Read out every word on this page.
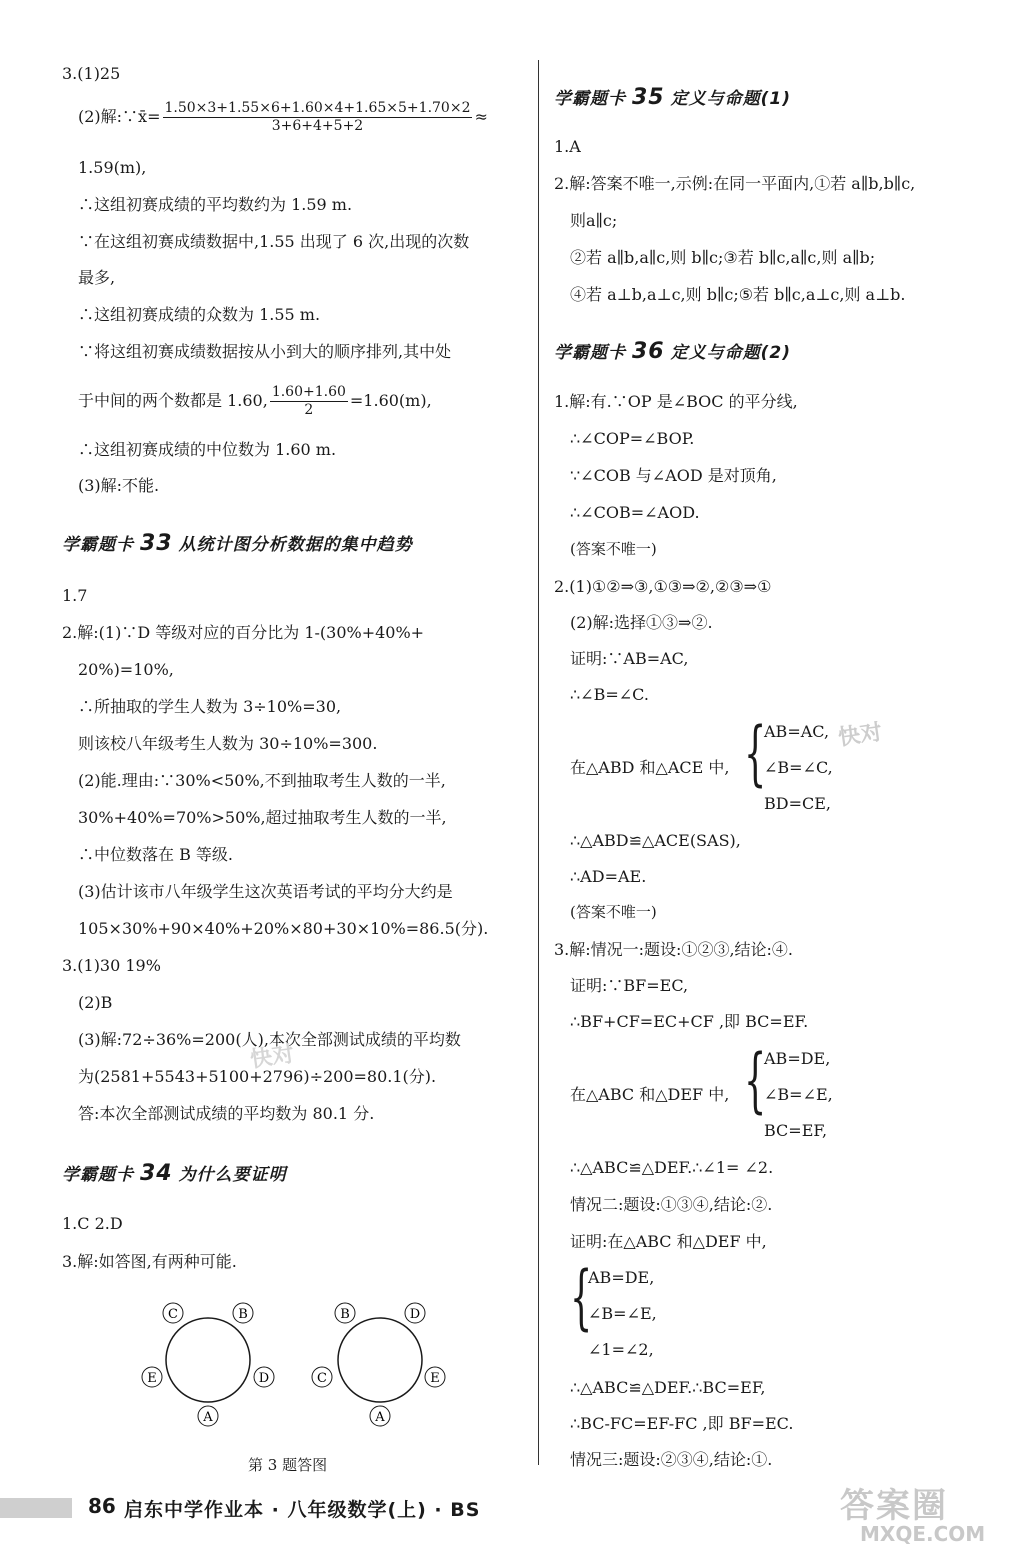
3.(1)25
(2)解:∵x̄= $\frac{1.50\times 3+1.55\times 6+1.60\times 4+1.65\times 5+1.70\times 2}{3+6+4+5+2}$ ≈
1.59(m),
∴这组初赛成绩的平均数约为 1.59 m.
∵在这组初赛成绩数据中,1.55 出现了 6 次,出现的次数
最多,
∴这组初赛成绩的众数为 1.55 m.
∵将这组初赛成绩数据按从小到大的顺序排列,其中处
于中间的两个数都是 1.60, $\frac{1.60+1.60}{2} =1.60(m)$,
∴这组初赛成绩的中位数为 1.60 m.
(3)解:不能.
学霸题卡 33 从统计图分析数据的集中趋势
1.7
2.解:(1)∵D 等级对应的百分比为 1-(30%+40%+
20%)=10%,
∴所抽取的学生人数为 3÷10%=30,
则该校八年级考生人数为 30÷10%=300.
(2)能.理由:∵30%<50%,不到抽取考生人数的一半,
30%+40%=70%>50%,超过抽取考生人数的一半,
∴中位数落在 B 等级.
(3)估计该市八年级学生这次英语考试的平均分大约是
105×30%+90×40%+20%×80+30×10%=86.5(分).
3.(1)30 19%
(2)B
(3)解:72÷36%=200(人),本次全部测试成绩的平均数
为(2581+5543+5100+2796)÷200=80.1(分).
答:本次全部测试成绩的平均数为 80.1 分.
学霸题卡 34 为什么要证明
1.C 2.D
3.解:如答图,有两种可能.
C	B
E	D
A
B	D
C	E
A
第 3 题答图
学霸题卡 35 定义与命题(1)
1.A
2.解:答案不唯一,示例:在同一平面内,①若 a∥b,b∥c,
则a∥c;
②若 a∥b,a∥c,则 b∥c;③若 b∥c,a∥c,则 a∥b;
④若 a⊥b,a⊥c,则 b∥c;⑤若 b∥c,a⊥c,则 a⊥b.
学霸题卡 36 定义与命题(2)
1.解:有.∵OP 是∠BOC 的平分线,
∴∠COP=∠BOP.
∵∠COB 与∠AOD 是对顶角,
∴∠COB=∠AOD.
(答案不唯一)
2.(1)①②⇒③,①③⇒②,②③⇒①
(2)解:选择①③⇒②.
证明:∵AB=AC,
∴∠B=∠C.
在△ABD 和△ACE 中, {
AB=AC,
∠B=∠C,
BD=CE,
∴△ABD≌△ACE(SAS),
∴AD=AE.
(答案不唯一)
3.解:情况一:题设:①②③,结论:④.
证明:∵BF=EC,
∴BF+CF=EC+CF ,即 BC=EF.
在△ABC 和△DEF 中, {
AB=DE,
∠B=∠E,
BC=EF,
∴△ABC≌△DEF.∴∠1= ∠2.
情况二:题设:①③④,结论:②.
证明:在△ABC 和△DEF 中,
{
AB=DE,
∠B=∠E,
∠1=∠2,
∴△ABC≌△DEF.∴BC=EF,
∴BC-FC=EF-FC ,即 BF=EC.
情况三:题设:②③④,结论:①.
快对
快对
答案圈
MXQE.COM
86 启东中学作业本 · 八年级数学(上) · BS
